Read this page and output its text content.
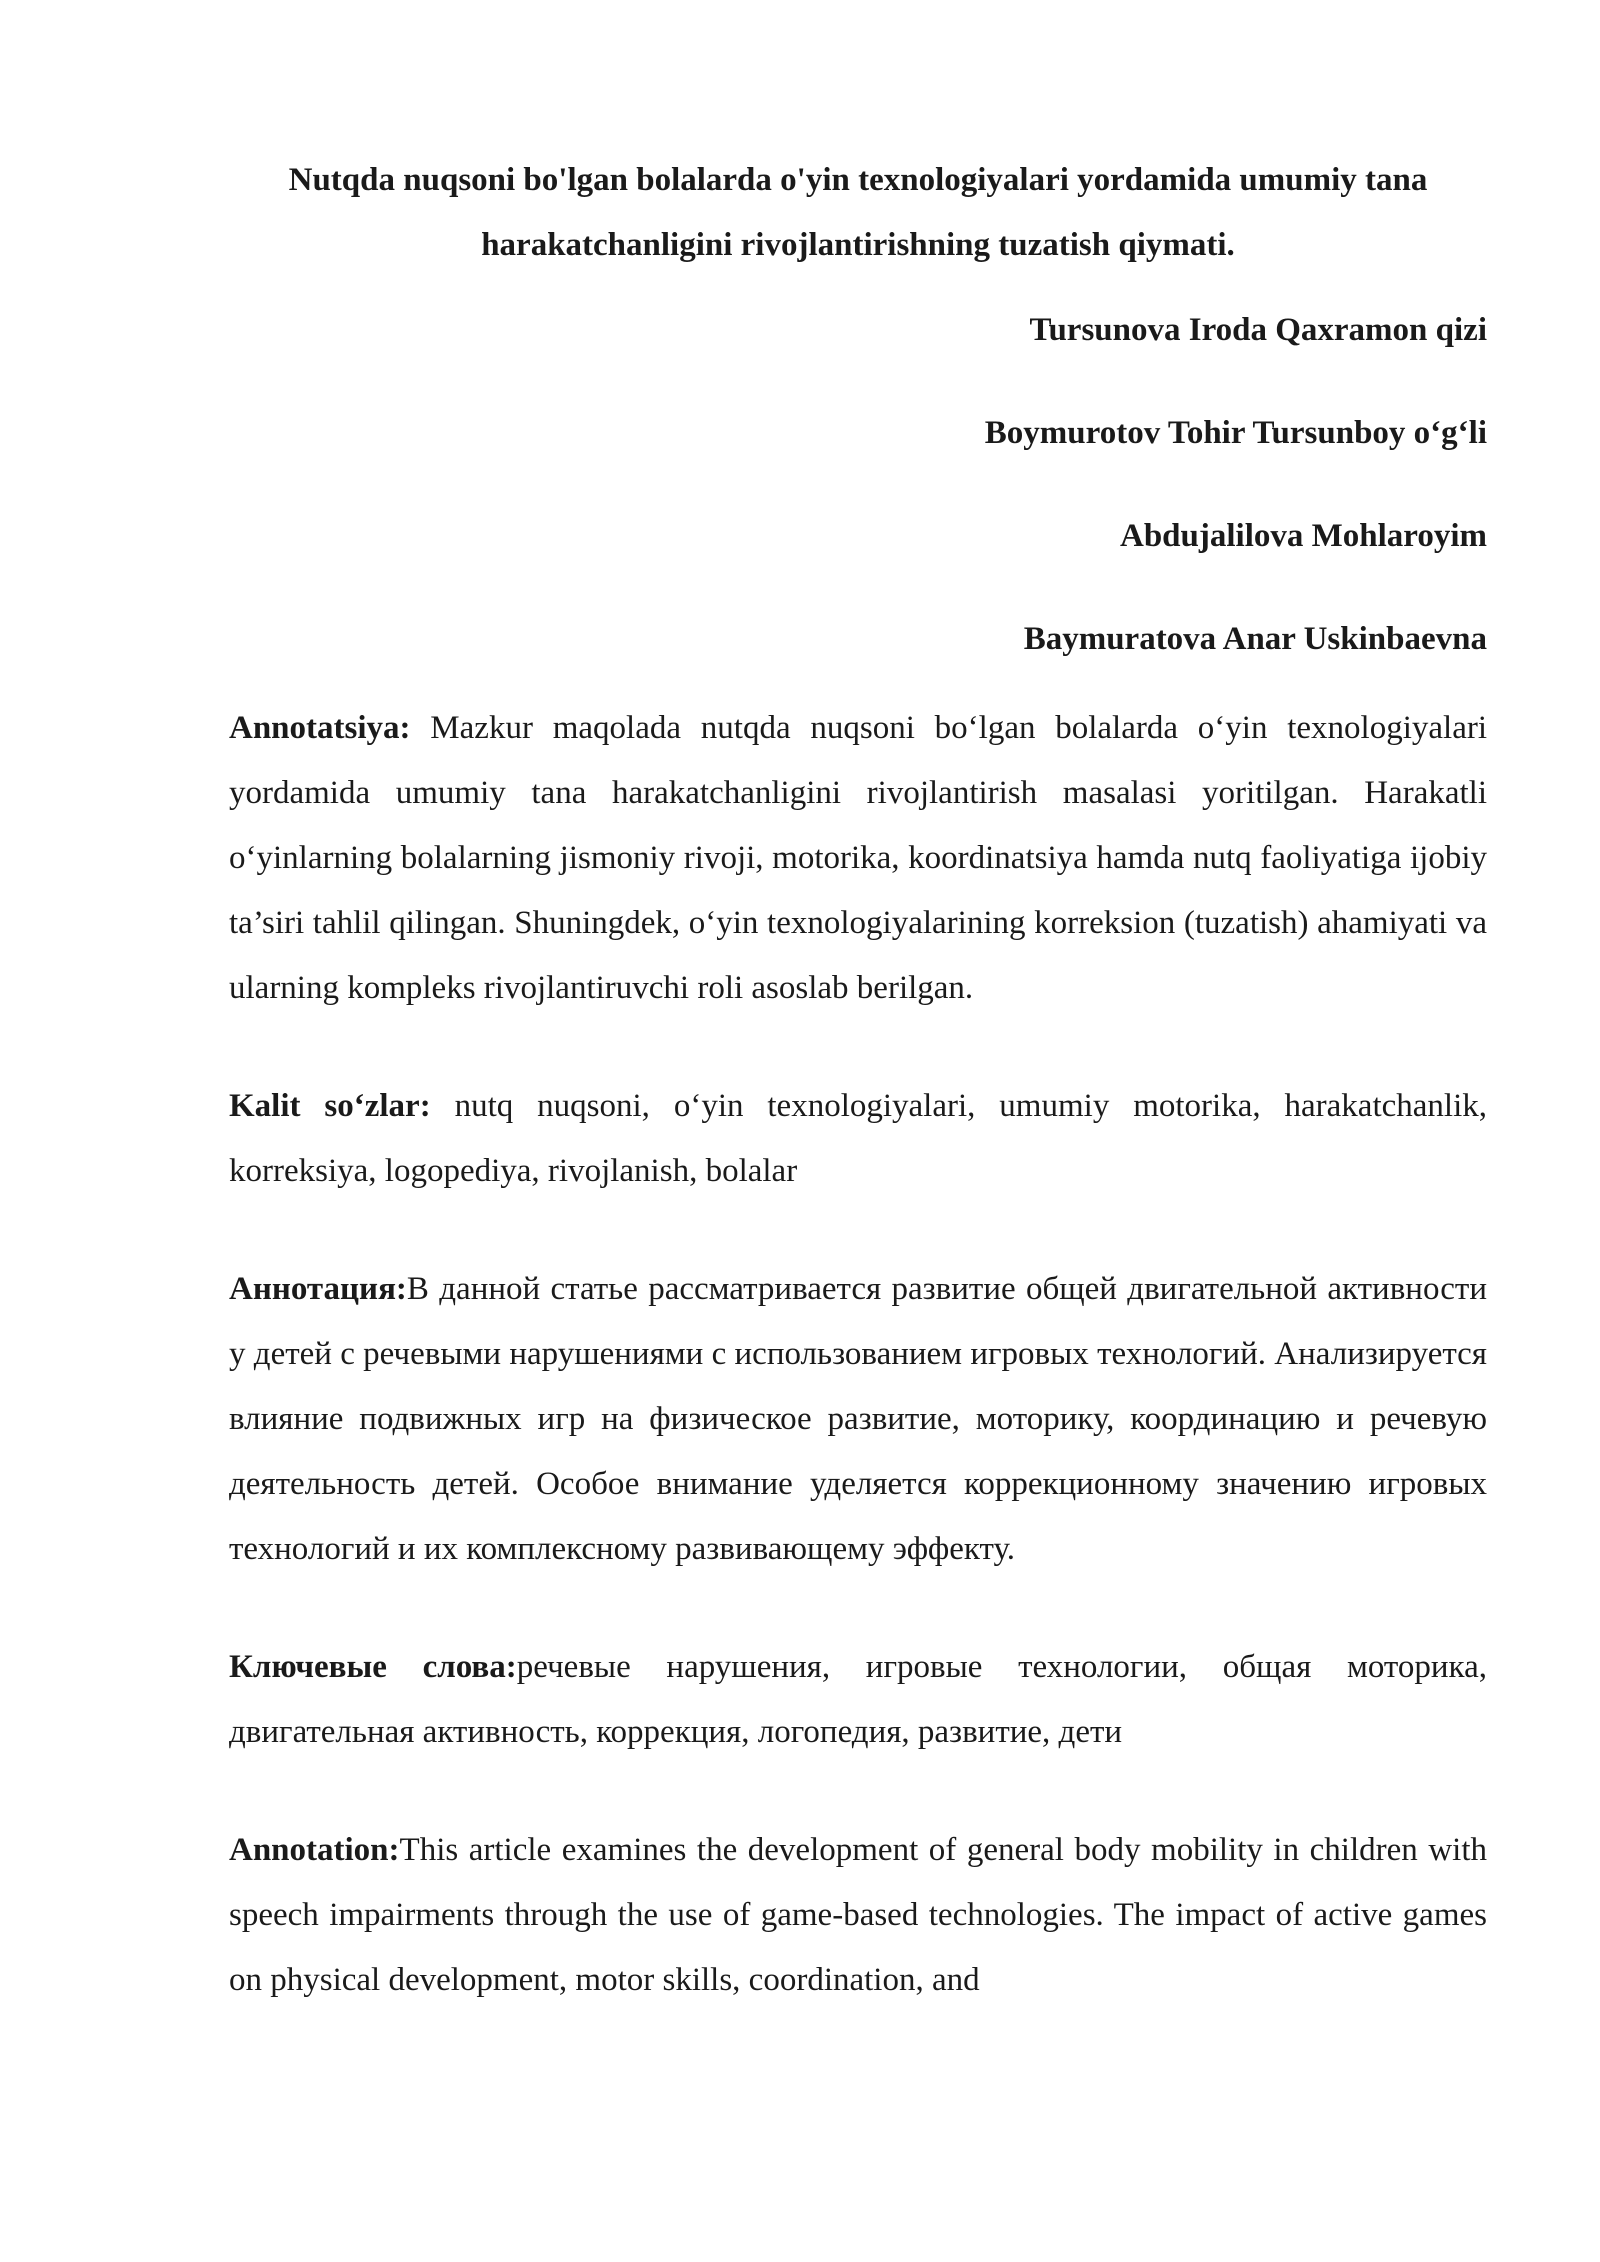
Nutqda nuqsoni bo'lgan bolalarda o'yin texnologiyalari yordamida umumiy tana harakatchanligini rivojlantirishning tuzatish qiymati.

Tursunova Iroda Qaxramon qizi

Boymurotov Tohir Tursunboy o‘g‘li

Abdujalilova Mohlaroyim

Baymuratova Anar Uskinbaevna

Annotatsiya: Mazkur maqolada nutqda nuqsoni bo‘lgan bolalarda o‘yin texnologiyalari yordamida umumiy tana harakatchanligini rivojlantirish masalasi yoritilgan. Harakatli o‘yinlarning bolalarning jismoniy rivoji, motorika, koordinatsiya hamda nutq faoliyatiga ijobiy ta’siri tahlil qilingan. Shuningdek, o‘yin texnologiyalarining korreksion (tuzatish) ahamiyati va ularning kompleks rivojlantiruvchi roli asoslab berilgan.

Kalit so‘zlar: nutq nuqsoni, o‘yin texnologiyalari, umumiy motorika, harakatchanlik, korreksiya, logopediya, rivojlanish, bolalar

Аннотация:В данной статье рассматривается развитие общей двигательной активности у детей с речевыми нарушениями с использованием игровых технологий. Анализируется влияние подвижных игр на физическое развитие, моторику, координацию и речевую деятельность детей. Особое внимание уделяется коррекционному значению игровых технологий и их комплексному развивающему эффекту.

Ключевые слова:речевые нарушения, игровые технологии, общая моторика, двигательная активность, коррекция, логопедия, развитие, дети

Annotation:This article examines the development of general body mobility in children with speech impairments through the use of game-based technologies. The impact of active games on physical development, motor skills, coordination, and
